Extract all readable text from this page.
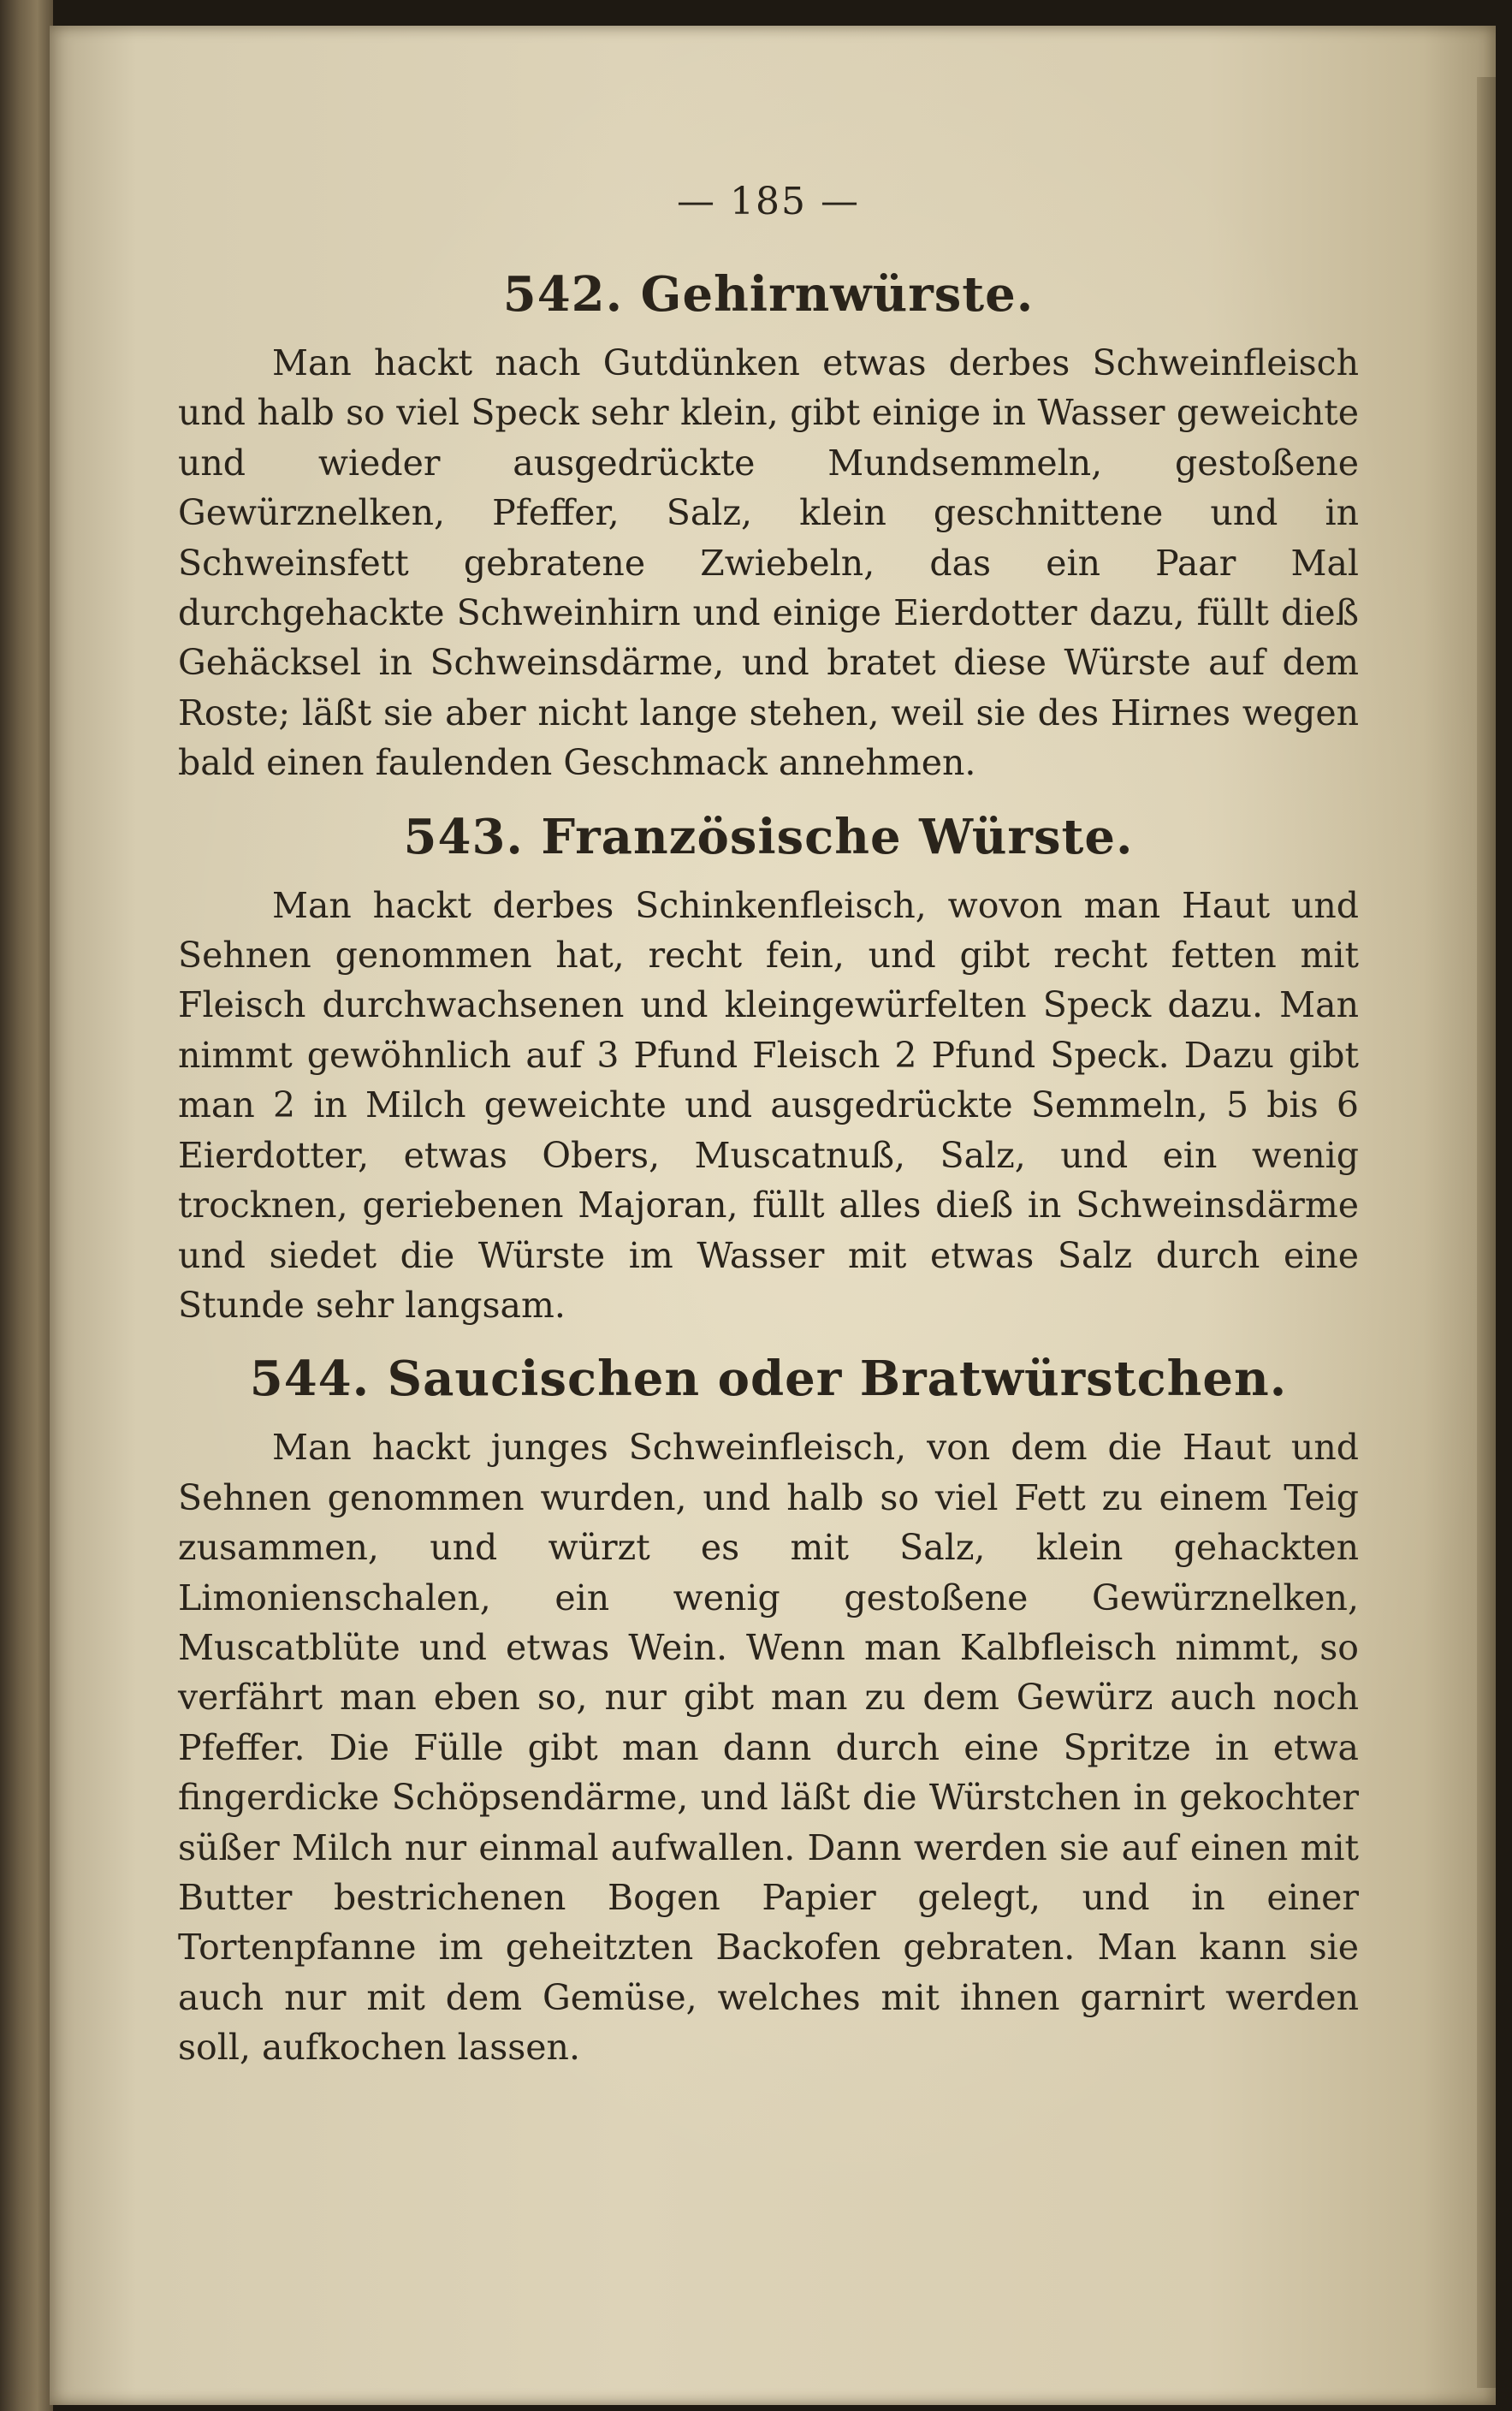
— 185 —
542. Gehirnwürste.

Man hackt nach Gutdünken etwas derbes Schweinfleisch und halb so viel Speck sehr klein, gibt einige in Wasser geweichte und wieder ausgedrückte Mundsemmeln, gestoßene Gewürznelken, Pfeffer, Salz, klein geschnittene und in Schweinsfett gebratene Zwiebeln, das ein Paar Mal durchgehackte Schweinhirn und einige Eierdotter dazu, füllt dieß Gehäcksel in Schweinsdärme, und bratet diese Würste auf dem Roste; läßt sie aber nicht lange stehen, weil sie des Hirnes wegen bald einen faulenden Geschmack annehmen.

543. Französische Würste.

Man hackt derbes Schinkenfleisch, wovon man Haut und Sehnen genommen hat, recht fein, und gibt recht fetten mit Fleisch durchwachsenen und kleingewürfelten Speck dazu. Man nimmt gewöhnlich auf 3 Pfund Fleisch 2 Pfund Speck. Dazu gibt man 2 in Milch geweichte und ausgedrückte Semmeln, 5 bis 6 Eierdotter, etwas Obers, Muscatnuß, Salz, und ein wenig trocknen, geriebenen Majoran, füllt alles dieß in Schweinsdärme und siedet die Würste im Wasser mit etwas Salz durch eine Stunde sehr langsam.

544. Saucischen oder Bratwürstchen.

Man hackt junges Schweinfleisch, von dem die Haut und Sehnen genommen wurden, und halb so viel Fett zu einem Teig zusammen, und würzt es mit Salz, klein gehackten Limonienschalen, ein wenig gestoßene Gewürznelken, Muscatblüte und etwas Wein. Wenn man Kalbfleisch nimmt, so verfährt man eben so, nur gibt man zu dem Gewürz auch noch Pfeffer. Die Fülle gibt man dann durch eine Spritze in etwa fingerdicke Schöpsendärme, und läßt die Würstchen in gekochter süßer Milch nur einmal aufwallen. Dann werden sie auf einen mit Butter bestrichenen Bogen Papier gelegt, und in einer Tortenpfanne im geheitzten Backofen gebraten. Man kann sie auch nur mit dem Gemüse, welches mit ihnen garnirt werden soll, aufkochen lassen.
